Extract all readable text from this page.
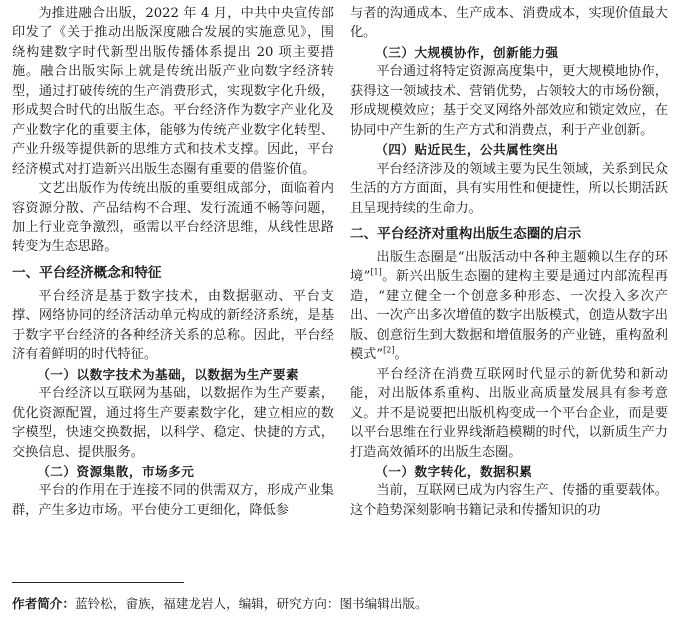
为推进融合出版，2022 年 4 月，中共中央宣传部印发了《关于推动出版深度融合发展的实施意见》，围绕构建数字时代新型出版传播体系提出 20 项主要措施。融合出版实际上就是传统出版产业向数字经济转型，通过打破传统的生产消费形式，实现数字化升级，形成契合时代的出版生态。平台经济作为数字产业化及产业数字化的重要主体，能够为传统产业数字化转型、产业升级等提供新的思维方式和技术支撑。因此，平台经济模式对打造新兴出版生态圈有重要的借鉴价值。

文艺出版作为传统出版的重要组成部分，面临着内容资源分散、产品结构不合理、发行流通不畅等问题，加上行业竞争激烈，亟需以平台经济思维，从线性思路转变为生态思路。

一、平台经济概念和特征

平台经济是基于数字技术，由数据驱动、平台支撑、网络协同的经济活动单元构成的新经济系统，是基于数字平台经济的各种经济关系的总称。因此，平台经济有着鲜明的时代特征。

（一）以数字技术为基础，以数据为生产要素

平台经济以互联网为基础，以数据作为生产要素，优化资源配置，通过将生产要素数字化，建立相应的数字模型，快速交换数据，以科学、稳定、快捷的方式，交换信息、提供服务。

（二）资源集散，市场多元

平台的作用在于连接不同的供需双方，形成产业集群，产生多边市场。平台使分工更细化，降低参

与者的沟通成本、生产成本、消费成本，实现价值最大化。

（三）大规模协作，创新能力强

平台通过将特定资源高度集中，更大规模地协作，获得这一领域技术、营销优势，占领较大的市场份额，形成规模效应；基于交叉网络外部效应和锁定效应，在协同中产生新的生产方式和消费点，利于产业创新。

（四）贴近民生，公共属性突出

平台经济涉及的领域主要为民生领域，关系到民众生活的方方面面，具有实用性和便捷性，所以长期活跃且呈现持续的生命力。

二、平台经济对重构出版生态圈的启示

出版生态圈是“出版活动中各种主题赖以生存的环境”[1]。新兴出版生态圈的建构主要是通过内部流程再造，“建立健全一个创意多种形态、一次投入多次产出、一次产出多次增值的数字出版模式，创造从数字出版、创意衍生到大数据和增值服务的产业链，重构盈利模式”[2]。

平台经济在消费互联网时代显示的新优势和新动能，对出版体系重构、出版业高质量发展具有参考意义。并不是说要把出版机构变成一个平台企业，而是要以平台思维在行业界线渐趋模糊的时代，以新质生产力打造高效循环的出版生态圈。

（一）数字转化，数据积累

当前，互联网已成为内容生产、传播的重要载体。这个趋势深刻影响书籍记录和传播知识的功

作者简介：蓝铃松，畲族，福建龙岩人，编辑，研究方向：图书编辑出版。
